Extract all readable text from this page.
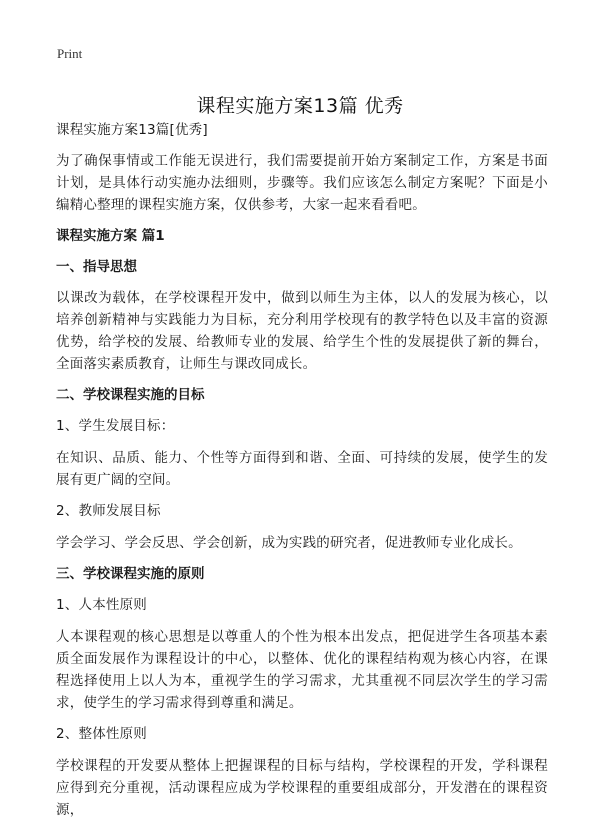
Print
课程实施方案13篇 优秀

课程实施方案13篇[优秀]

为了确保事情或工作能无误进行，我们需要提前开始方案制定工作，方案是书面计划，是具体行动实施办法细则，步骤等。我们应该怎么制定方案呢？下面是小编精心整理的课程实施方案，仅供参考，大家一起来看看吧。

课程实施方案 篇1
一、指导思想

以课改为载体，在学校课程开发中，做到以师生为主体，以人的发展为核心，以培养创新精神与实践能力为目标，充分利用学校现有的教学特色以及丰富的资源优势，给学校的发展、给教师专业的发展、给学生个性的发展提供了新的舞台，全面落实素质教育，让师生与课改同成长。

二、学校课程实施的目标

1、学生发展目标：

在知识、品质、能力、个性等方面得到和谐、全面、可持续的发展，使学生的发展有更广阔的空间。

2、教师发展目标

学会学习、学会反思、学会创新，成为实践的研究者，促进教师专业化成长。

三、学校课程实施的原则

1、人本性原则

人本课程观的核心思想是以尊重人的个性为根本出发点，把促进学生各项基本素质全面发展作为课程设计的中心，以整体、优化的课程结构观为核心内容，在课程选择使用上以人为本，重视学生的学习需求，尤其重视不同层次学生的学习需求，使学生的学习需求得到尊重和满足。

2、整体性原则

学校课程的开发要从整体上把握课程的目标与结构，学校课程的开发，学科课程应得到充分重视，活动课程应成为学校课程的重要组成部分，开发潜在的课程资源，
